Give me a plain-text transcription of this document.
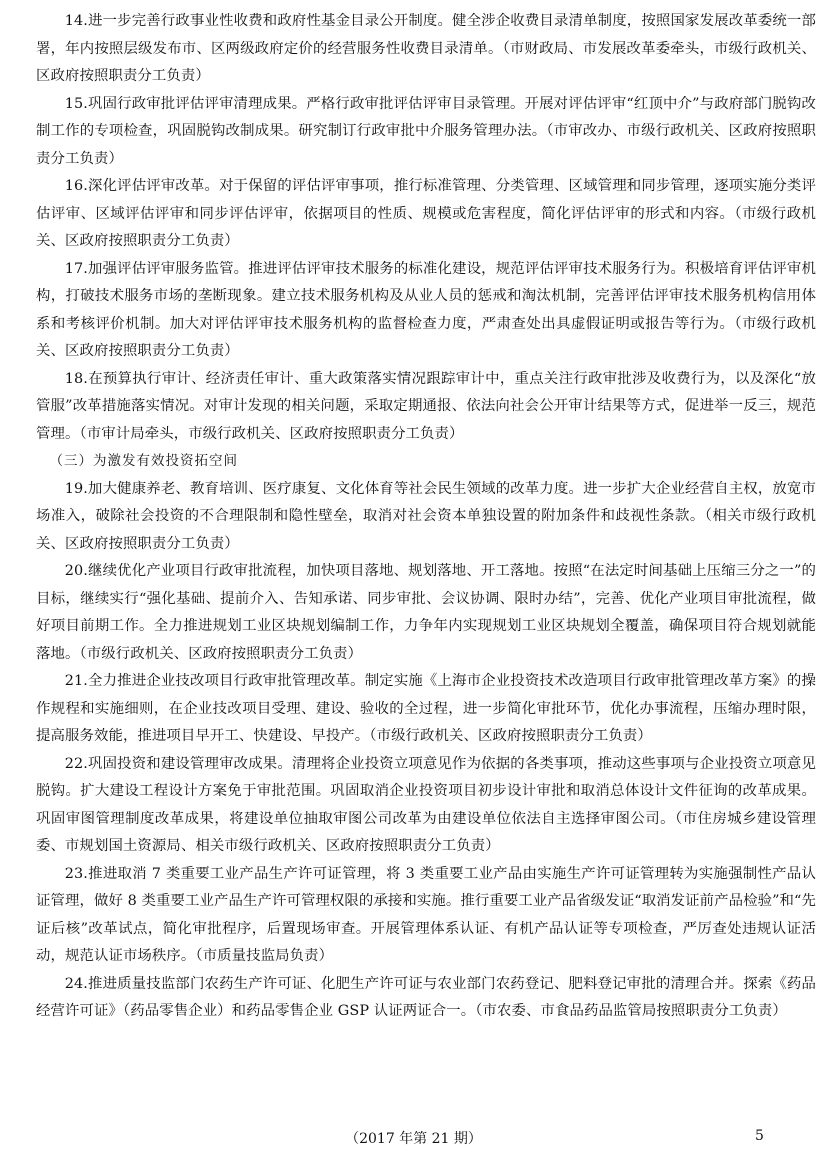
14.进一步完善行政事业性收费和政府性基金目录公开制度。健全涉企收费目录清单制度，按照国家发展改革委统一部署，年内按照层级发布市、区两级政府定价的经营服务性收费目录清单。（市财政局、市发展改革委牵头，市级行政机关、区政府按照职责分工负责）

15.巩固行政审批评估评审清理成果。严格行政审批评估评审目录管理。开展对评估评审“红顶中介”与政府部门脱钩改制工作的专项检查，巩固脱钩改制成果。研究制订行政审批中介服务管理办法。（市审改办、市级行政机关、区政府按照职责分工负责）

16.深化评估评审改革。对于保留的评估评审事项，推行标准管理、分类管理、区域管理和同步管理，逐项实施分类评估评审、区域评估评审和同步评估评审，依据项目的性质、规模或危害程度，简化评估评审的形式和内容。（市级行政机关、区政府按照职责分工负责）

17.加强评估评审服务监管。推进评估评审技术服务的标准化建设，规范评估评审技术服务行为。积极培育评估评审机构，打破技术服务市场的垄断现象。建立技术服务机构及从业人员的惩戒和淘汰机制，完善评估评审技术服务机构信用体系和考核评价机制。加大对评估评审技术服务机构的监督检查力度，严肃查处出具虚假证明或报告等行为。（市级行政机关、区政府按照职责分工负责）

18.在预算执行审计、经济责任审计、重大政策落实情况跟踪审计中，重点关注行政审批涉及收费行为，以及深化“放管服”改革措施落实情况。对审计发现的相关问题，采取定期通报、依法向社会公开审计结果等方式，促进举一反三，规范管理。（市审计局牵头，市级行政机关、区政府按照职责分工负责）

（三）为激发有效投资拓空间

19.加大健康养老、教育培训、医疗康复、文化体育等社会民生领域的改革力度。进一步扩大企业经营自主权，放宽市场准入，破除社会投资的不合理限制和隐性壁垒，取消对社会资本单独设置的附加条件和歧视性条款。（相关市级行政机关、区政府按照职责分工负责）

20.继续优化产业项目行政审批流程，加快项目落地、规划落地、开工落地。按照“在法定时间基础上压缩三分之一”的目标，继续实行“强化基础、提前介入、告知承诺、同步审批、会议协调、限时办结”，完善、优化产业项目审批流程，做好项目前期工作。全力推进规划工业区块规划编制工作，力争年内实现规划工业区块规划全覆盖，确保项目符合规划就能落地。（市级行政机关、区政府按照职责分工负责）

21.全力推进企业技改项目行政审批管理改革。制定实施《上海市企业投资技术改造项目行政审批管理改革方案》的操作规程和实施细则，在企业技改项目受理、建设、验收的全过程，进一步简化审批环节，优化办事流程，压缩办理时限，提高服务效能，推进项目早开工、快建设、早投产。（市级行政机关、区政府按照职责分工负责）

22.巩固投资和建设管理审改成果。清理将企业投资立项意见作为依据的各类事项，推动这些事项与企业投资立项意见脱钩。扩大建设工程设计方案免于审批范围。巩固取消企业投资项目初步设计审批和取消总体设计文件征询的改革成果。巩固审图管理制度改革成果，将建设单位抽取审图公司改革为由建设单位依法自主选择审图公司。（市住房城乡建设管理委、市规划国土资源局、相关市级行政机关、区政府按照职责分工负责）

23.推进取消 7 类重要工业产品生产许可证管理，将 3 类重要工业产品由实施生产许可证管理转为实施强制性产品认证管理，做好 8 类重要工业产品生产许可管理权限的承接和实施。推行重要工业产品省级发证“取消发证前产品检验”和“先证后核”改革试点，简化审批程序，后置现场审查。开展管理体系认证、有机产品认证等专项检查，严厉查处违规认证活动，规范认证市场秩序。（市质量技监局负责）

24.推进质量技监部门农药生产许可证、化肥生产许可证与农业部门农药登记、肥料登记审批的清理合并。探索《药品经营许可证》（药品零售企业）和药品零售企业 GSP 认证两证合一。（市农委、市食品药品监管局按照职责分工负责）

（2017 年第 21 期）	5
